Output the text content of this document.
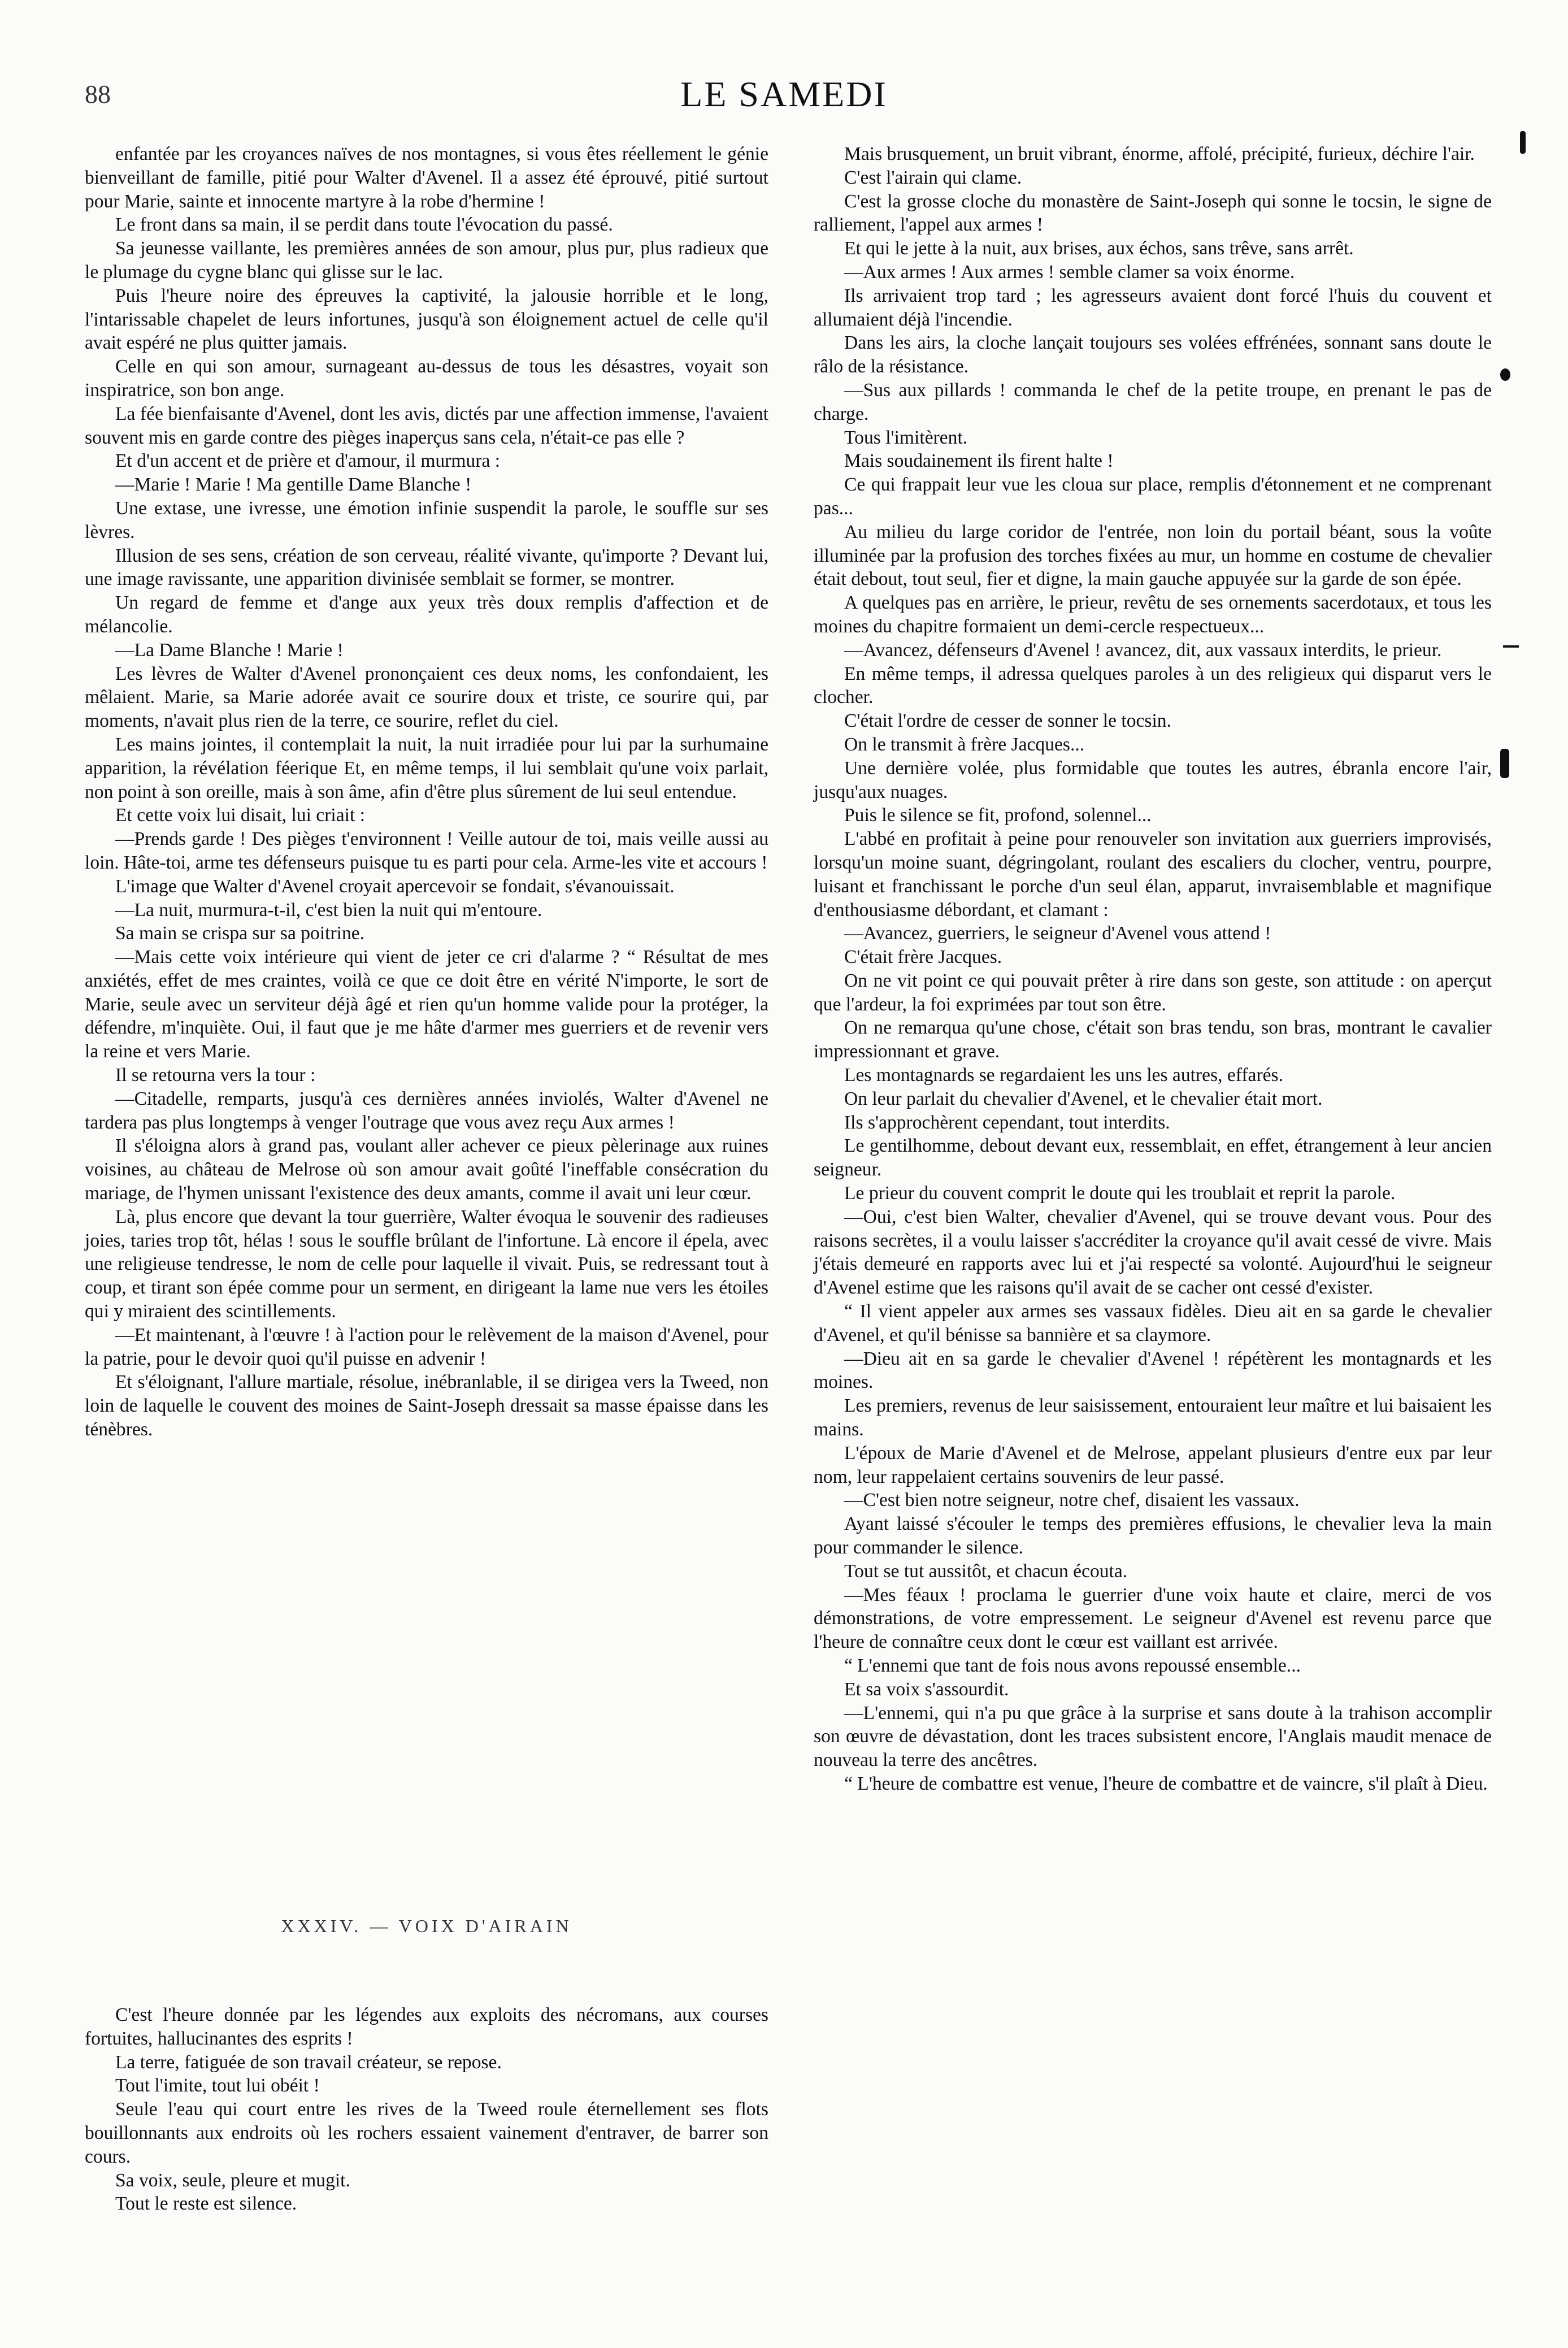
88	LE SAMEDI

enfantée par les croyances naïves de nos montagnes, si vous êtes réellement le génie bienveillant de famille, pitié pour Walter d'Avenel. Il a assez été éprouvé, pitié surtout pour Marie, sainte et innocente martyre à la robe d'hermine !

Le front dans sa main, il se perdit dans toute l'évocation du passé.

Sa jeunesse vaillante, les premières années de son amour, plus pur, plus radieux que le plumage du cygne blanc qui glisse sur le lac.

Puis l'heure noire des épreuves la captivité, la jalousie horrible et le long, l'intarissable chapelet de leurs infortunes, jusqu'à son éloignement actuel de celle qu'il avait espéré ne plus quitter jamais.

Celle en qui son amour, surnageant au-dessus de tous les désastres, voyait son inspiratrice, son bon ange.

La fée bienfaisante d'Avenel, dont les avis, dictés par une affection immense, l'avaient souvent mis en garde contre des pièges inaperçus sans cela, n'était-ce pas elle ?

Et d'un accent et de prière et d'amour, il murmura :

—Marie ! Marie ! Ma gentille Dame Blanche !

Une extase, une ivresse, une émotion infinie suspendit la parole, le souffle sur ses lèvres.

Illusion de ses sens, création de son cerveau, réalité vivante, qu'importe ? Devant lui, une image ravissante, une apparition divinisée semblait se former, se montrer.

Un regard de femme et d'ange aux yeux très doux remplis d'affection et de mélancolie.

—La Dame Blanche ! Marie !

Les lèvres de Walter d'Avenel prononçaient ces deux noms, les confondaient, les mêlaient. Marie, sa Marie adorée avait ce sourire doux et triste, ce sourire qui, par moments, n'avait plus rien de la terre, ce sourire, reflet du ciel.

Les mains jointes, il contemplait la nuit, la nuit irradiée pour lui par la surhumaine apparition, la révélation féerique Et, en même temps, il lui semblait qu'une voix parlait, non point à son oreille, mais à son âme, afin d'être plus sûrement de lui seul entendue.

Et cette voix lui disait, lui criait :

—Prends garde ! Des pièges t'environnent ! Veille autour de toi, mais veille aussi au loin. Hâte-toi, arme tes défenseurs puisque tu es parti pour cela. Arme-les vite et accours !

L'image que Walter d'Avenel croyait apercevoir se fondait, s'évanouissait.

—La nuit, murmura-t-il, c'est bien la nuit qui m'entoure.

Sa main se crispa sur sa poitrine.

—Mais cette voix intérieure qui vient de jeter ce cri d'alarme ? “ Résultat de mes anxiétés, effet de mes craintes, voilà ce que ce doit être en vérité N'importe, le sort de Marie, seule avec un serviteur déjà âgé et rien qu'un homme valide pour la protéger, la défendre, m'inquiète. Oui, il faut que je me hâte d'armer mes guerriers et de revenir vers la reine et vers Marie.

Il se retourna vers la tour :

—Citadelle, remparts, jusqu'à ces dernières années inviolés, Walter d'Avenel ne tardera pas plus longtemps à venger l'outrage que vous avez reçu Aux armes !

Il s'éloigna alors à grand pas, voulant aller achever ce pieux pèlerinage aux ruines voisines, au château de Melrose où son amour avait goûté l'ineffable consécration du mariage, de l'hymen unissant l'existence des deux amants, comme il avait uni leur cœur.

Là, plus encore que devant la tour guerrière, Walter évoqua le souvenir des radieuses joies, taries trop tôt, hélas ! sous le souffle brûlant de l'infortune. Là encore il épela, avec une religieuse tendresse, le nom de celle pour laquelle il vivait. Puis, se redressant tout à coup, et tirant son épée comme pour un serment, en dirigeant la lame nue vers les étoiles qui y miraient des scintillements.

—Et maintenant, à l'œuvre ! à l'action pour le relèvement de la maison d'Avenel, pour la patrie, pour le devoir quoi qu'il puisse en advenir !

Et s'éloignant, l'allure martiale, résolue, inébranlable, il se dirigea vers la Tweed, non loin de laquelle le couvent des moines de Saint-Joseph dressait sa masse épaisse dans les ténèbres.

XXXIV. — VOIX D'AIRAIN

C'est l'heure donnée par les légendes aux exploits des nécromans, aux courses fortuites, hallucinantes des esprits !

La terre, fatiguée de son travail créateur, se repose.

Tout l'imite, tout lui obéit !

Seule l'eau qui court entre les rives de la Tweed roule éternellement ses flots bouillonnants aux endroits où les rochers essaient vainement d'entraver, de barrer son cours.

Sa voix, seule, pleure et mugit.

Tout le reste est silence.

Mais brusquement, un bruit vibrant, énorme, affolé, précipité, furieux, déchire l'air.

C'est l'airain qui clame.

C'est la grosse cloche du monastère de Saint-Joseph qui sonne le tocsin, le signe de ralliement, l'appel aux armes !

Et qui le jette à la nuit, aux brises, aux échos, sans trêve, sans arrêt.

—Aux armes ! Aux armes ! semble clamer sa voix énorme.

Ils arrivaient trop tard ; les agresseurs avaient dont forcé l'huis du couvent et allumaient déjà l'incendie.

Dans les airs, la cloche lançait toujours ses volées effrénées, sonnant sans doute le râlo de la résistance.

—Sus aux pillards ! commanda le chef de la petite troupe, en prenant le pas de charge.

Tous l'imitèrent.

Mais soudainement ils firent halte !

Ce qui frappait leur vue les cloua sur place, remplis d'étonnement et ne comprenant pas...

Au milieu du large coridor de l'entrée, non loin du portail béant, sous la voûte illuminée par la profusion des torches fixées au mur, un homme en costume de chevalier était debout, tout seul, fier et digne, la main gauche appuyée sur la garde de son épée.

A quelques pas en arrière, le prieur, revêtu de ses ornements sacerdotaux, et tous les moines du chapitre formaient un demi-cercle respectueux...

—Avancez, défenseurs d'Avenel ! avancez, dit, aux vassaux interdits, le prieur.

En même temps, il adressa quelques paroles à un des religieux qui disparut vers le clocher.

C'était l'ordre de cesser de sonner le tocsin.

On le transmit à frère Jacques...

Une dernière volée, plus formidable que toutes les autres, ébranla encore l'air, jusqu'aux nuages.

Puis le silence se fit, profond, solennel...

L'abbé en profitait à peine pour renouveler son invitation aux guerriers improvisés, lorsqu'un moine suant, dégringolant, roulant des escaliers du clocher, ventru, pourpre, luisant et franchissant le porche d'un seul élan, apparut, invraisemblable et magnifique d'enthousiasme débordant, et clamant :

—Avancez, guerriers, le seigneur d'Avenel vous attend !

C'était frère Jacques.

On ne vit point ce qui pouvait prêter à rire dans son geste, son attitude : on aperçut que l'ardeur, la foi exprimées par tout son être.

On ne remarqua qu'une chose, c'était son bras tendu, son bras, montrant le cavalier impressionnant et grave.

Les montagnards se regardaient les uns les autres, effarés.

On leur parlait du chevalier d'Avenel, et le chevalier était mort.

Ils s'approchèrent cependant, tout interdits.

Le gentilhomme, debout devant eux, ressemblait, en effet, étrangement à leur ancien seigneur.

Le prieur du couvent comprit le doute qui les troublait et reprit la parole.

—Oui, c'est bien Walter, chevalier d'Avenel, qui se trouve devant vous. Pour des raisons secrètes, il a voulu laisser s'accréditer la croyance qu'il avait cessé de vivre. Mais j'étais demeuré en rapports avec lui et j'ai respecté sa volonté. Aujourd'hui le seigneur d'Avenel estime que les raisons qu'il avait de se cacher ont cessé d'exister.

“ Il vient appeler aux armes ses vassaux fidèles. Dieu ait en sa garde le chevalier d'Avenel, et qu'il bénisse sa bannière et sa claymore.

—Dieu ait en sa garde le chevalier d'Avenel ! répétèrent les montagnards et les moines.

Les premiers, revenus de leur saisissement, entouraient leur maître et lui baisaient les mains.

L'époux de Marie d'Avenel et de Melrose, appelant plusieurs d'entre eux par leur nom, leur rappelaient certains souvenirs de leur passé.

—C'est bien notre seigneur, notre chef, disaient les vassaux.

Ayant laissé s'écouler le temps des premières effusions, le chevalier leva la main pour commander le silence.

Tout se tut aussitôt, et chacun écouta.

—Mes féaux ! proclama le guerrier d'une voix haute et claire, merci de vos démonstrations, de votre empressement. Le seigneur d'Avenel est revenu parce que l'heure de connaître ceux dont le cœur est vaillant est arrivée.

“ L'ennemi que tant de fois nous avons repoussé ensemble...

Et sa voix s'assourdit.

—L'ennemi, qui n'a pu que grâce à la surprise et sans doute à la trahison accomplir son œuvre de dévastation, dont les traces subsistent encore, l'Anglais maudit menace de nouveau la terre des ancêtres.

“ L'heure de combattre est venue, l'heure de combattre et de vaincre, s'il plaît à Dieu.
